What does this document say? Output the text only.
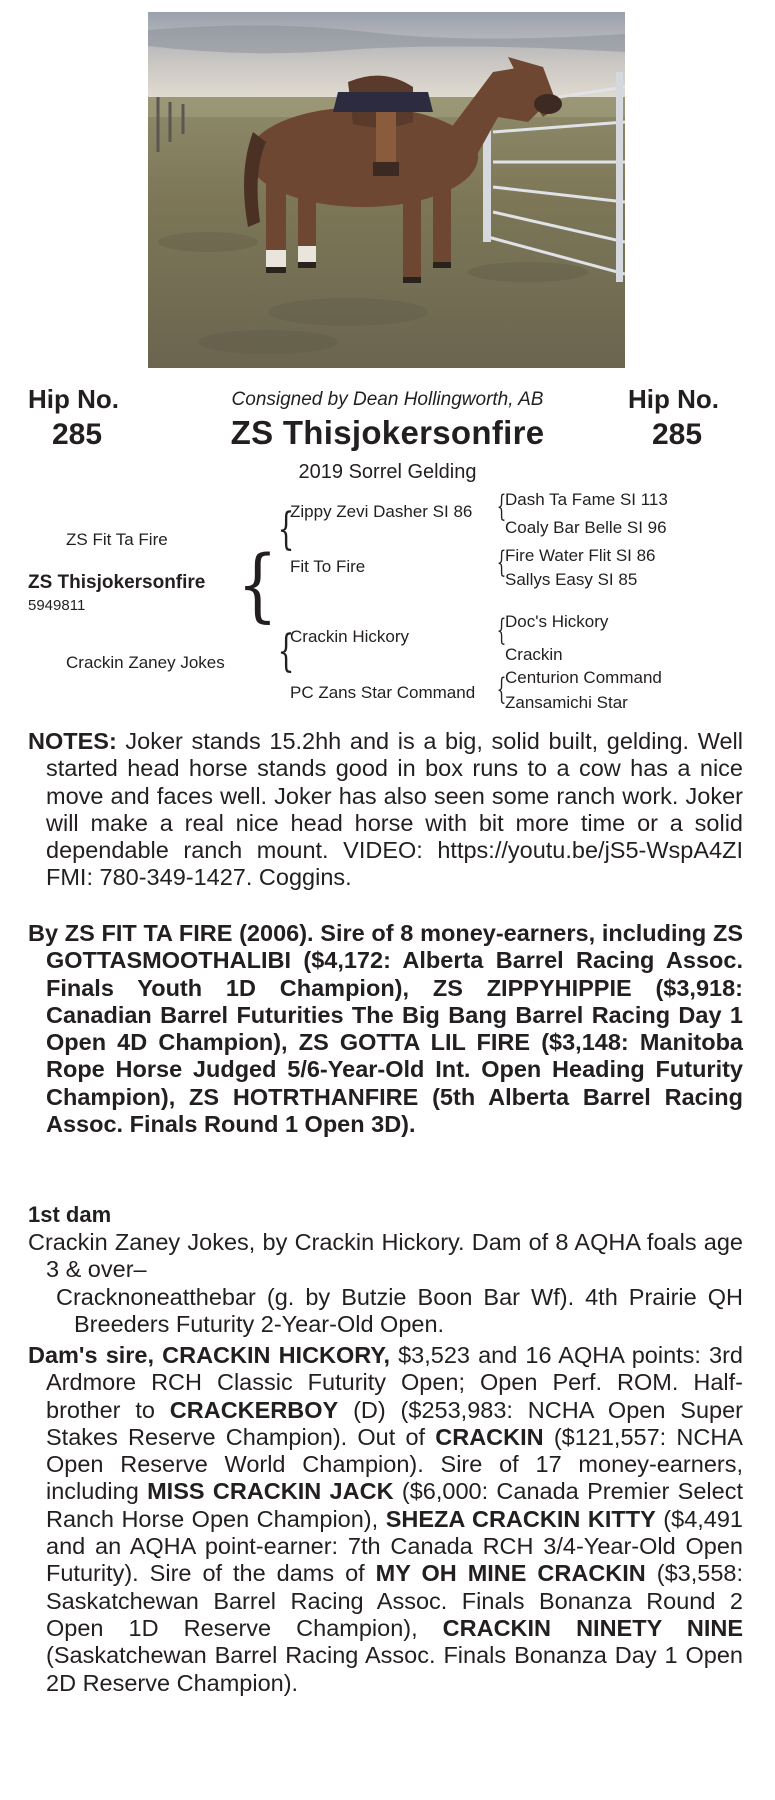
Hip No.
285
Hip No.
285
Consigned by Dean Hollingworth, AB
ZS Thisjokersonfire
2019 Sorrel Gelding
ZS Fit Ta Fire
ZS Thisjokersonfire
5949811
Crackin Zaney Jokes
{
{
{
Zippy Zevi Dasher SI 86
Fit To Fire
Crackin Hickory
PC Zans Star Command
{
{
{
{
Dash Ta Fame SI 113
Coaly Bar Belle SI 96
Fire Water Flit SI 86
Sallys Easy SI 85
Doc's Hickory
Crackin
Centurion Command
Zansamichi Star

NOTES: Joker stands 15.2hh and is a big, solid built, gelding. Well started head horse stands good in box runs to a cow has a nice move and faces well. Joker has also seen some ranch work. Joker will make a real nice head horse with bit more time or a solid dependable ranch mount. VIDEO: https://youtu.be/jS5-WspA4ZI FMI: 780-349-1427. Coggins.

By ZS FIT TA FIRE (2006). Sire of 8 money-earners, including ZS GOTTASMOOTHALIBI ($4,172: Alberta Barrel Racing Assoc. Finals Youth 1D Champion), ZS ZIPPYHIPPIE ($3,918: Canadian Barrel Futurities The Big Bang Barrel Racing Day 1 Open 4D Champion), ZS GOTTA LIL FIRE ($3,148: Manitoba Rope Horse Judged 5/6-Year-Old Int. Open Heading Futurity Champion), ZS HOTRTHANFIRE (5th Alberta Barrel Racing Assoc. Finals Round 1 Open 3D).

1st dam

Crackin Zaney Jokes, by Crackin Hickory. Dam of 8 AQHA foals age 3 & over–

Cracknoneatthebar (g. by Butzie Boon Bar Wf). 4th Prairie QH Breeders Futurity 2-Year-Old Open.

Dam's sire, CRACKIN HICKORY, $3,523 and 16 AQHA points: 3rd Ardmore RCH Classic Futurity Open; Open Perf. ROM. Half-brother to CRACKERBOY (D) ($253,983: NCHA Open Super Stakes Reserve Champion). Out of CRACKIN ($121,557: NCHA Open Reserve World Champion). Sire of 17 money-earners, including MISS CRACKIN JACK ($6,000: Canada Premier Select Ranch Horse Open Champion), SHEZA CRACKIN KITTY ($4,491 and an AQHA point-earner: 7th Canada RCH 3/4-Year-Old Open Futurity). Sire of the dams of MY OH MINE CRACKIN ($3,558: Saskatchewan Barrel Racing Assoc. Finals Bonanza Round 2 Open 1D Reserve Champion), CRACKIN NINETY NINE (Saskatchewan Barrel Racing Assoc. Finals Bonanza Day 1 Open 2D Reserve Champion).
